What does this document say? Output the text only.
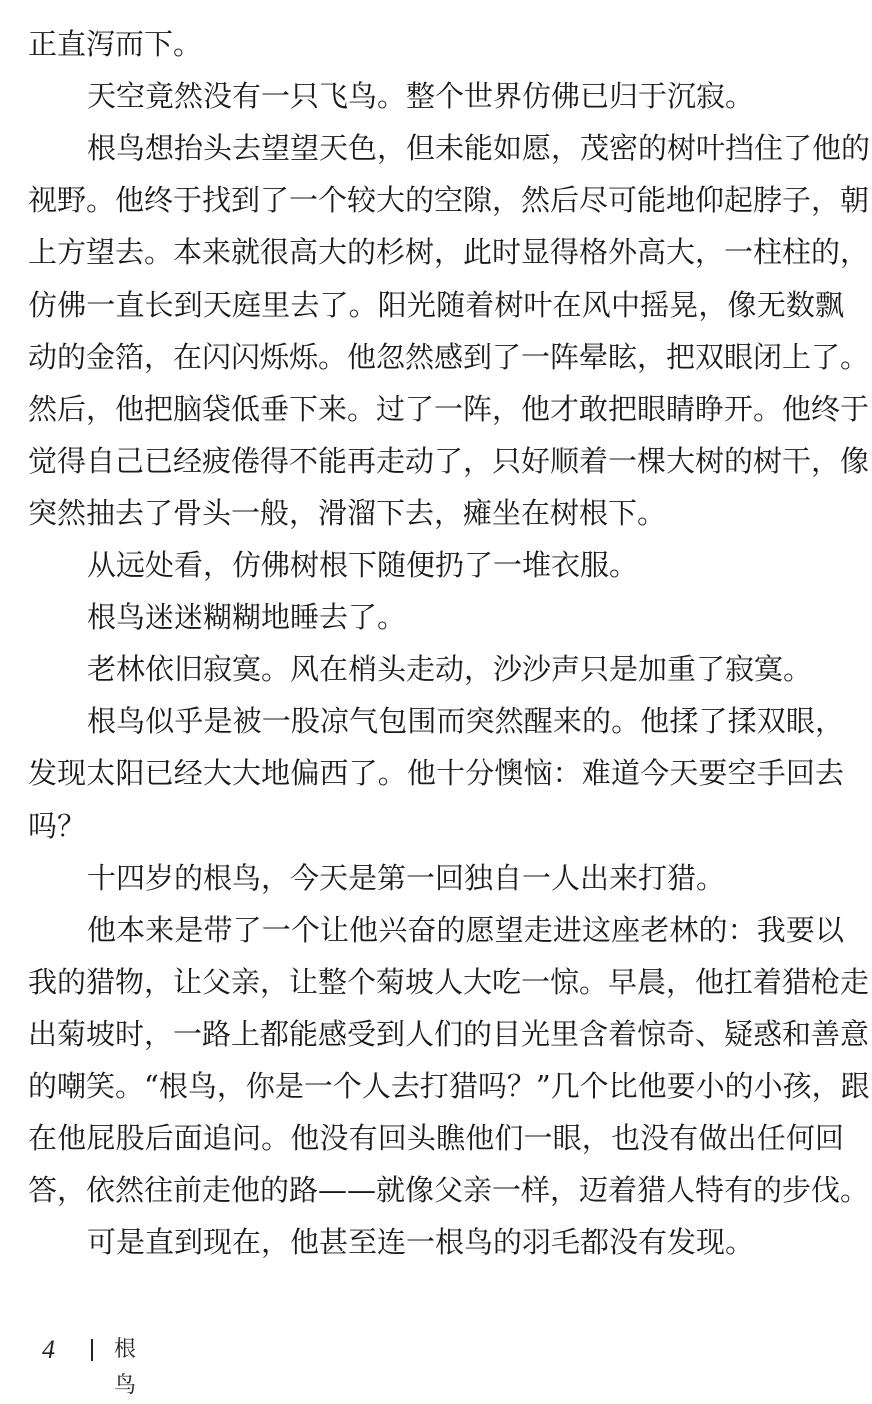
正直泻而下。
天空竟然没有一只飞鸟。整个世界仿佛已归于沉寂。
根鸟想抬头去望望天色，但未能如愿，茂密的树叶挡住了他的
视野。他终于找到了一个较大的空隙，然后尽可能地仰起脖子，朝
上方望去。本来就很高大的杉树，此时显得格外高大，一柱柱的，
仿佛一直长到天庭里去了。阳光随着树叶在风中摇晃，像无数飘
动的金箔，在闪闪烁烁。他忽然感到了一阵晕眩，把双眼闭上了。
然后，他把脑袋低垂下来。过了一阵，他才敢把眼睛睁开。他终于
觉得自己已经疲倦得不能再走动了，只好顺着一棵大树的树干，像
突然抽去了骨头一般，滑溜下去，瘫坐在树根下。
从远处看，仿佛树根下随便扔了一堆衣服。
根鸟迷迷糊糊地睡去了。
老林依旧寂寞。风在梢头走动，沙沙声只是加重了寂寞。
根鸟似乎是被一股凉气包围而突然醒来的。他揉了揉双眼，
发现太阳已经大大地偏西了。他十分懊恼：难道今天要空手回去
吗？
十四岁的根鸟，今天是第一回独自一人出来打猎。
他本来是带了一个让他兴奋的愿望走进这座老林的：我要以
我的猎物，让父亲，让整个菊坡人大吃一惊。早晨，他扛着猎枪走
出菊坡时，一路上都能感受到人们的目光里含着惊奇、疑惑和善意
的嘲笑。“根鸟，你是一个人去打猎吗？”几个比他要小的小孩，跟
在他屁股后面追问。他没有回头瞧他们一眼，也没有做出任何回
答，依然往前走他的路——就像父亲一样，迈着猎人特有的步伐。
可是直到现在，他甚至连一根鸟的羽毛都没有发现。
4	根鸟
